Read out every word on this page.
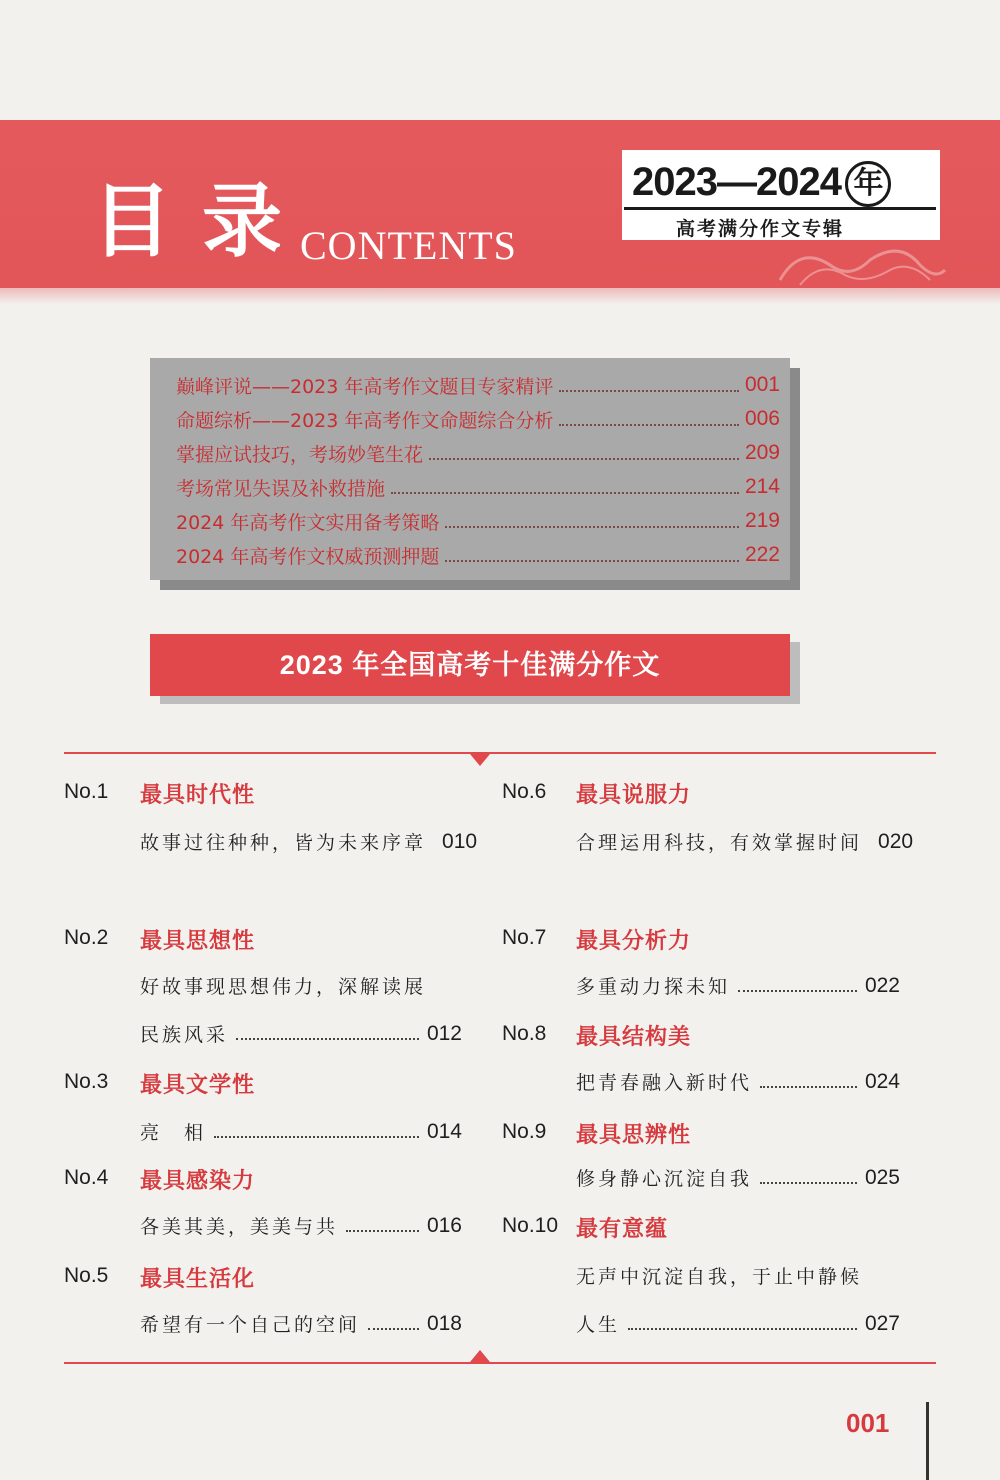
目录
CONTENTS
2023—2024 年
高考满分作文专辑
巅峰评说——2023 年高考作文题目专家精评	001
命题综析——2023 年高考作文命题综合分析	006
掌握应试技巧，考场妙笔生花	209
考场常见失误及补救措施	214
2024 年高考作文实用备考策略	219
2024 年高考作文权威预测押题	222
2023 年全国高考十佳满分作文
No.1 最具时代性
故事过往种种，皆为未来序章 010
No.2 最具思想性
好故事现思想伟力，深解读展
民族风采	012
No.3 最具文学性
亮　相	014
No.4 最具感染力
各美其美，美美与共	016
No.5 最具生活化
希望有一个自己的空间	018
No.6 最具说服力
合理运用科技，有效掌握时间 020
No.7 最具分析力
多重动力探未知	022
No.8 最具结构美
把青春融入新时代	024
No.9 最具思辨性
修身静心沉淀自我	025
No.10 最有意蕴
无声中沉淀自我，于止中静候
人生	027
001
